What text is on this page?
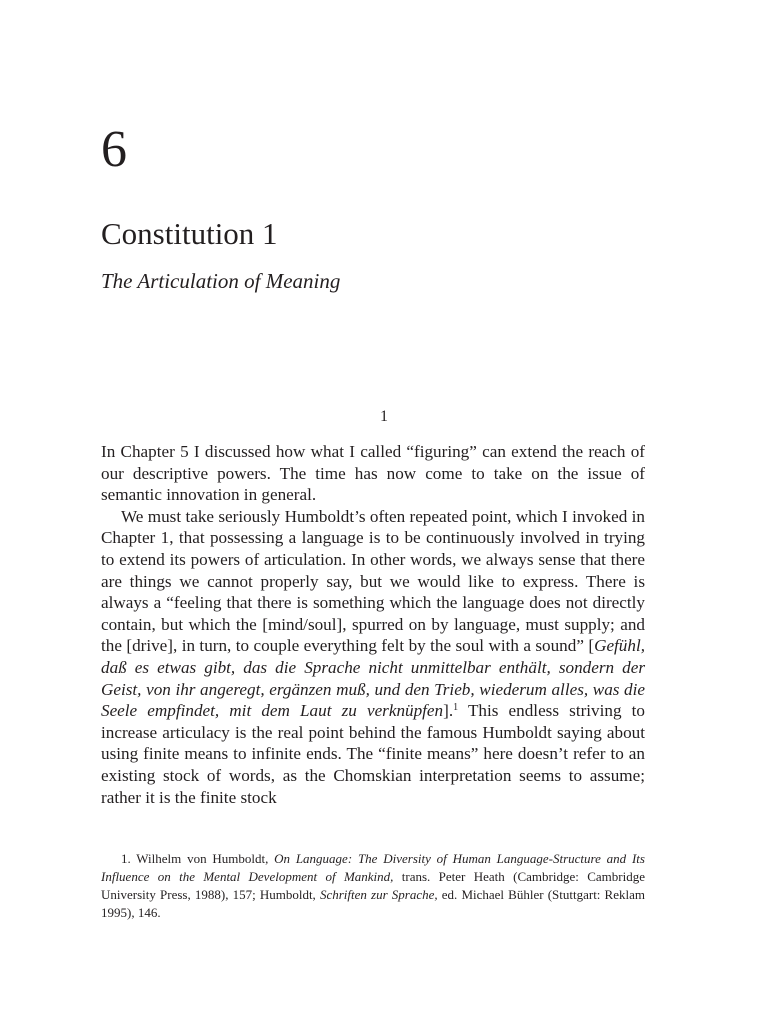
6
Constitution 1
The Articulation of Meaning
1

In Chapter 5 I discussed how what I called “figuring” can extend the reach of our descriptive powers. The time has now come to take on the issue of semantic innovation in general.

We must take seriously Humboldt’s often repeated point, which I invoked in Chapter 1, that possessing a language is to be continuously involved in trying to extend its powers of articulation. In other words, we always sense that there are things we cannot properly say, but we would like to express. There is always a “feeling that there is something which the language does not directly contain, but which the [mind/soul], spurred on by language, must supply; and the [drive], in turn, to couple everything felt by the soul with a sound” [Gefühl, daß es etwas gibt, das die Sprache nicht unmittelbar enthält, sondern der Geist, von ihr angeregt, ergänzen muß, und den Trieb, wiederum alles, was die Seele empfindet, mit dem Laut zu verknüpfen].$^1$ This endless striving to increase articulacy is the real point behind the famous Humboldt saying about using finite means to infinite ends. The “finite means” here doesn’t refer to an existing stock of words, as the Chomskian interpretation seems to assume; rather it is the finite stock

1. Wilhelm von Humboldt, On Language: The Diversity of Human Language-Structure and Its Influence on the Mental Development of Mankind, trans. Peter Heath (Cambridge: Cambridge University Press, 1988), 157; Humboldt, Schriften zur Sprache, ed. Michael Bühler (Stuttgart: Reklam 1995), 146.
